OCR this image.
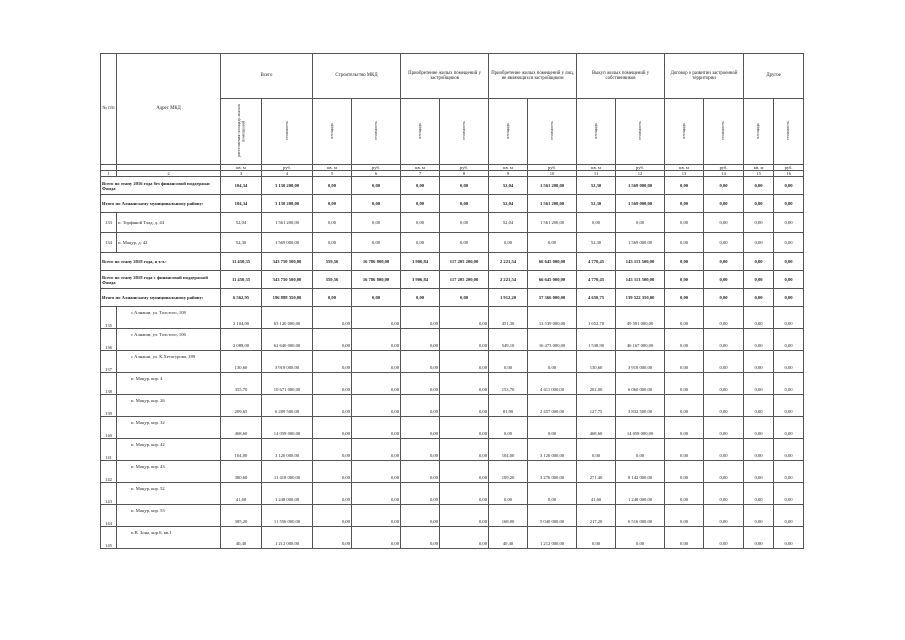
№ п/п	Адрес МКД	Всего		Строительство МКД		Приобретение жилых помещений у застройщиков		Приобретение жилых помещений у лиц, не являющихся застройщиком		Выкуп жилых помещений у собственников		Договор о развитии застроенной территории		Другое	
		расселяемая площадь жилых помещений	стоимость	площадь	стоимость	площадь	стоимость	площадь	стоимость	площадь	стоимость	площадь	стоимость	площадь	стоимость
		кв. м	руб.	кв. м	руб.	кв. м	руб.	кв. м	руб.	кв. м	руб.	кв. м	руб.	кв. м	руб.
1	2	3	4	5	6	7	8	9	10	11	12	13	14	15	16
Всего по этапу 2016 года без финансовой поддержки Фонда		104,34	3 130 200,00	0,00	0,00	0,00	0,00	52,04	1 561 200,00	52,30	1 569 000,00	0,00	0,00	0,00	0,00
Итого по Алнашскому муниципальному району:		104,34	3 130 200,00	0,00	0,00	0,00	0,00	52,04	1 561 200,00	52,30	1 569 000,00	0,00	0,00	0,00	0,00
133	п. Торфяной Тлад, д. 44	52,04	1 561 200,00	0,00	0,00	0,00	0,00	52,04	1 561 200,00	0,00	0,00	0,00	0,00	0,00	0,00
134	п. Мацур, д. 42	52,30	1 569 000,00	0,00	0,00	0,00	0,00	0,00	0,00	52,30	1 569 000,00	0,00	0,00	0,00	0,00
Всего по этапу 2018 года, в т.ч.:		11 450,35	343 750 500,00	559,56	16 786 800,00	3 906,84	117 205 200,00	2 221,54	66 645 000,00	4 770,45	143 113 500,00	0,00	0,00	0,00	0,00
Всего по этапу 2018 года с финансовой поддержкой Фонда		11 450,35	343 750 500,00	559,56	16 786 800,00	3 906,84	117 205 200,00	2 221,54	66 645 000,00	4 770,45	143 113 500,00	0,00	0,00	0,00	0,00
Итого по Алнашскому муниципальному району:		6 562,95	196 888 350,00	0,00	0,00	0,00	0,00	1 912,20	57 366 000,00	4 650,75	139 522 350,00	0,00	0,00	0,00	0,00
135	с Алнаши, ул. Толстого, 108	2 104,00	63 120 000,00	0,00	0,00	0,00	0,00	451,30	13 539 000,00	1 652,70	49 581 000,00	0,00	0,00	0,00	0,00
136	с Алнаши, ул. Толстого, 106	2 088,00	62 640 000,00	0,00	0,00	0,00	0,00	549,10	16 473 000,00	1 538,90	46 167 000,00	0,00	0,00	0,00	0,00
137	с Алнаши, ул. К.Хетагурова, 189	130,60	3 918 000,00	0,00	0,00	0,00	0,00	0,00	0,00	130,60	3 918 000,00	0,00	0,00	0,00	0,00
138	п. Мацур, кор. 4	355,70	10 671 000,00	0,00	0,00	0,00	0,00	153,70	4 611 000,00	202,00	6 060 000,00	0,00	0,00	0,00	0,00
139	п. Мацур, кор. 26	209,65	6 289 500,00	0,00	0,00	0,00	0,00	81,90	2 457 000,00	127,75	3 832 500,00	0,00	0,00	0,00	0,00
140	п. Мацур, кор. 32	468,60	14 058 000,00	0,00	0,00	0,00	0,00	0,00	0,00	468,60	14 058 000,00	0,00	0,00	0,00	0,00
141	п. Мацур, кор. 42	104,00	3 120 000,00	0,00	0,00	0,00	0,00	104,00	3 120 000,00	0,00	0,00	0,00	0,00	0,00	0,00
142	п. Мацур, кор. 43	380,60	11 418 000,00	0,00	0,00	0,00	0,00	109,20	3 276 000,00	271,40	8 142 000,00	0,00	0,00	0,00	0,00
143	п. Мацур, кор. 52	41,60	1 248 000,00	0,00	0,00	0,00	0,00	0,00	0,00	41,60	1 248 000,00	0,00	0,00	0,00	0,00
144	п. Мацур, кор. 53	385,20	11 556 000,00	0,00	0,00	0,00	0,00	168,00	5 040 000,00	217,20	6 516 000,00	0,00	0,00	0,00	0,00
145	п.В. Зона, кор.6, кв.1	40,40	1 212 000,00	0,00	0,00	0,00	0,00	40,40	1 212 000,00	0,00	0,00	0,00	0,00	0,00	0,00
